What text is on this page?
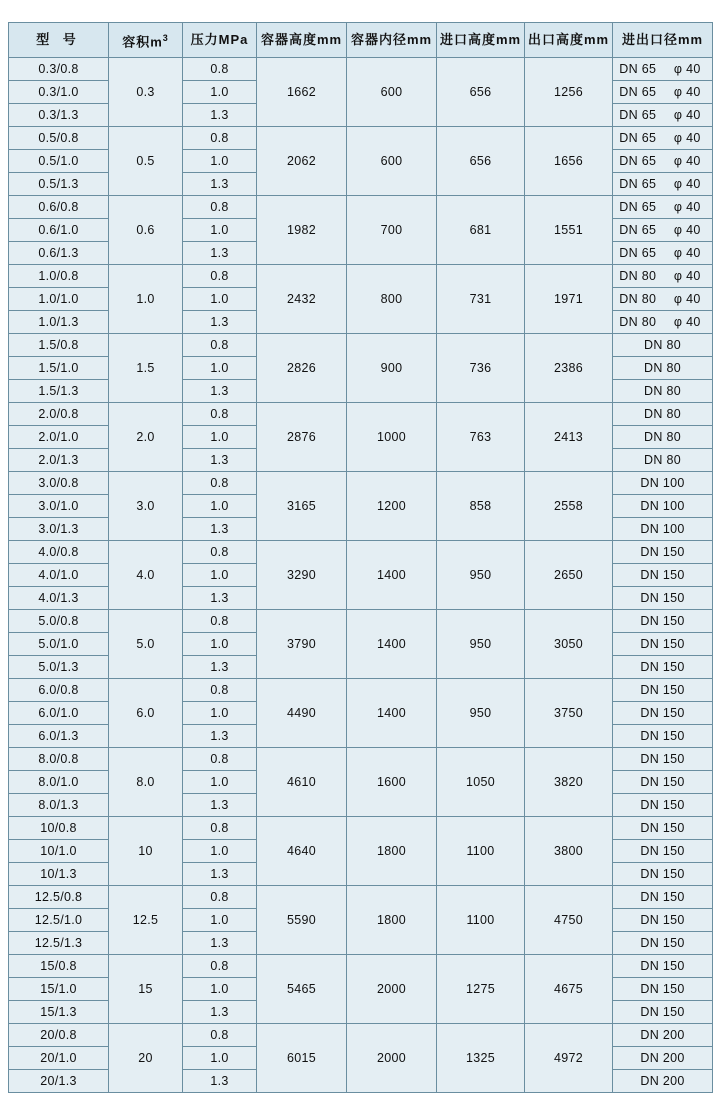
型 号	容积$m^3$	压力MPa	容器高度mm	容器内径mm	进口高度mm	出口高度mm	进出口径mm
0.3/0.8	0.3	0.8	1662	600	656	1256	DN 65 φ 40

0.3/1.0		1.0					DN 65 φ 40

0.3/1.3		1.3					DN 65 φ 40

0.5/0.8	0.5	0.8	2062	600	656	1656	DN 65 φ 40

0.5/1.0		1.0					DN 65 φ 40

0.5/1.3		1.3					DN 65 φ 40

0.6/0.8	0.6	0.8	1982	700	681	1551	DN 65 φ 40

0.6/1.0		1.0					DN 65 φ 40

0.6/1.3		1.3					DN 65 φ 40

1.0/0.8	1.0	0.8	2432	800	731	1971	DN 80 φ 40

1.0/1.0		1.0					DN 80 φ 40

1.0/1.3		1.3					DN 80 φ 40

1.5/0.8	1.5	0.8	2826	900	736	2386	DN 80
1.5/1.0		1.0					DN 80
1.5/1.3		1.3					DN 80
2.0/0.8	2.0	0.8	2876	1000	763	2413	DN 80
2.0/1.0		1.0					DN 80
2.0/1.3		1.3					DN 80
3.0/0.8	3.0	0.8	3165	1200	858	2558	DN 100
3.0/1.0		1.0					DN 100
3.0/1.3		1.3					DN 100
4.0/0.8	4.0	0.8	3290	1400	950	2650	DN 150
4.0/1.0		1.0					DN 150
4.0/1.3		1.3					DN 150
5.0/0.8	5.0	0.8	3790	1400	950	3050	DN 150
5.0/1.0		1.0					DN 150
5.0/1.3		1.3					DN 150
6.0/0.8	6.0	0.8	4490	1400	950	3750	DN 150
6.0/1.0		1.0					DN 150
6.0/1.3		1.3					DN 150
8.0/0.8	8.0	0.8	4610	1600	1050	3820	DN 150
8.0/1.0		1.0					DN 150
8.0/1.3		1.3					DN 150
10/0.8	10	0.8	4640	1800	1100	3800	DN 150
10/1.0		1.0					DN 150
10/1.3		1.3					DN 150
12.5/0.8	12.5	0.8	5590	1800	1100	4750	DN 150
12.5/1.0		1.0					DN 150
12.5/1.3		1.3					DN 150
15/0.8	15	0.8	5465	2000	1275	4675	DN 150
15/1.0		1.0					DN 150
15/1.3		1.3					DN 150
20/0.8	20	0.8	6015	2000	1325	4972	DN 200
20/1.0		1.0					DN 200
20/1.3		1.3					DN 200
